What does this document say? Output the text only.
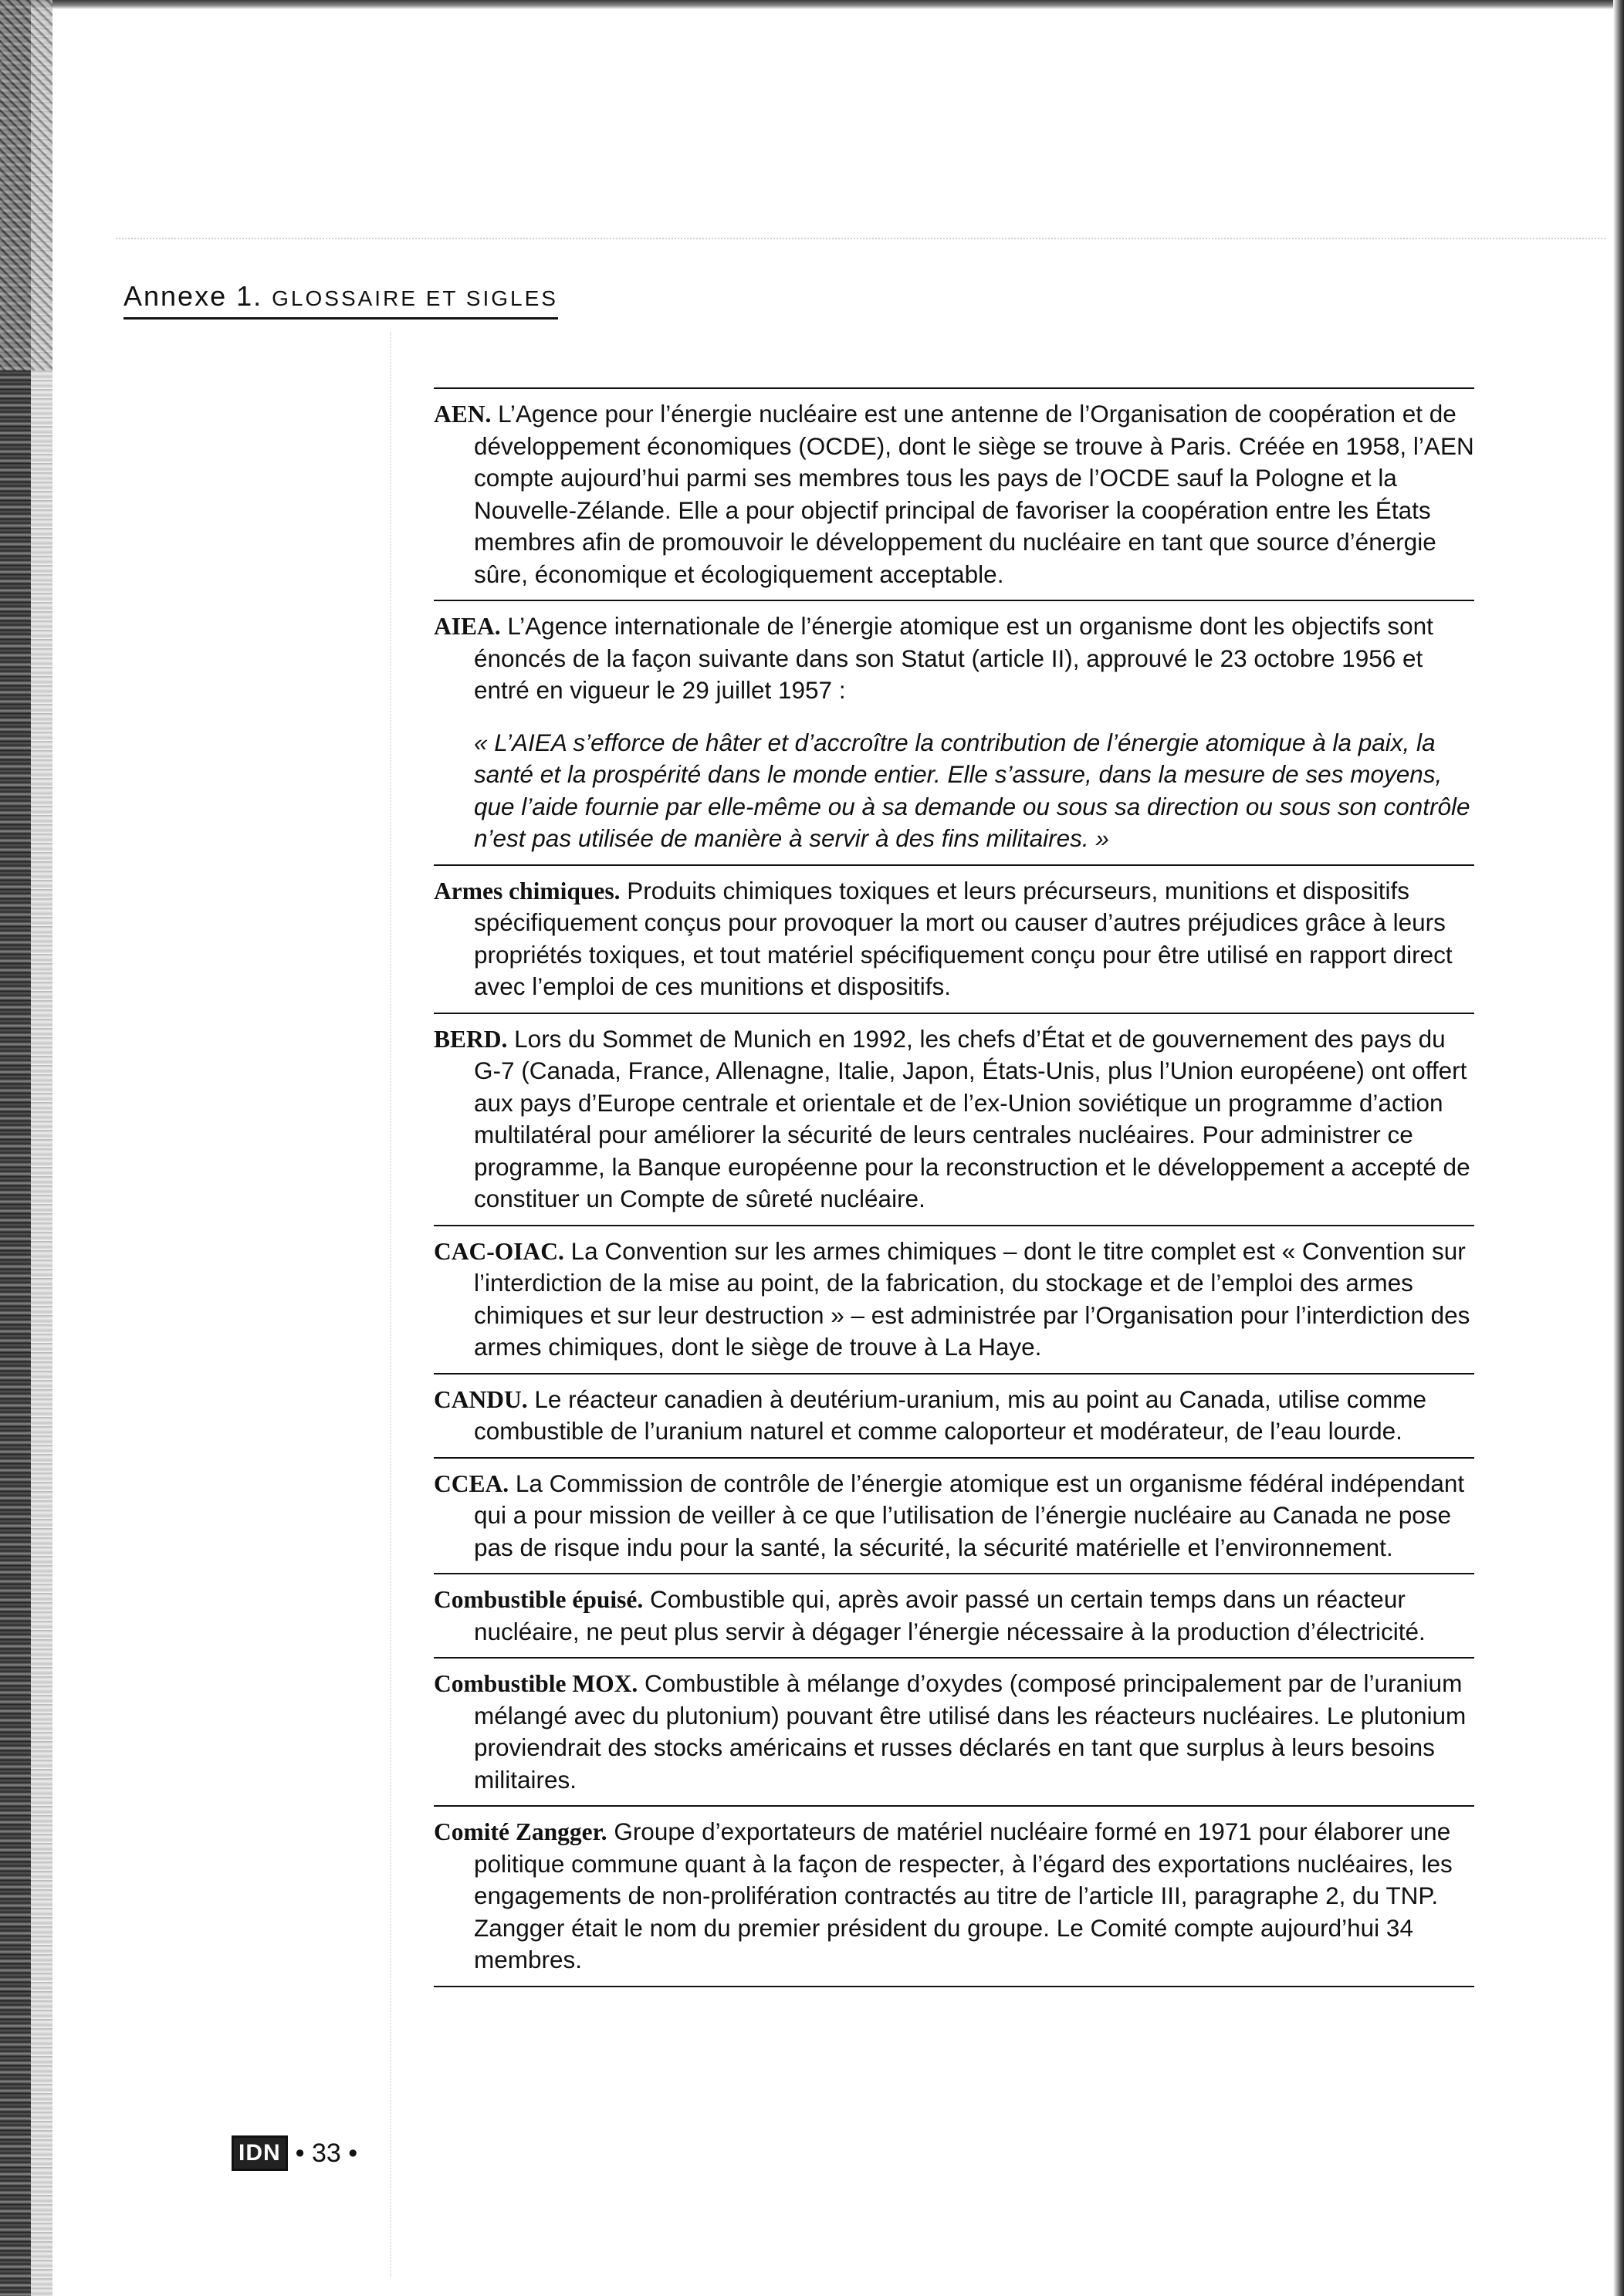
Annexe 1. GLOSSAIRE ET SIGLES

AEN. L’Agence pour l’énergie nucléaire est une antenne de l’Organisation de coopération et de développement économiques (OCDE), dont le siège se trouve à Paris. Créée en 1958, l’AEN compte aujourd’hui parmi ses membres tous les pays de l’OCDE sauf la Pologne et la Nouvelle-Zélande. Elle a pour objectif principal de favoriser la coopération entre les États membres afin de promouvoir le développement du nucléaire en tant que source d’énergie sûre, économique et écologiquement acceptable.

AIEA. L’Agence internationale de l’énergie atomique est un organisme dont les objectifs sont énoncés de la façon suivante dans son Statut (article II), approuvé le 23 octobre 1956 et entré en vigueur le 29 juillet 1957 :

« L’AIEA s’efforce de hâter et d’accroître la contribution de l’énergie atomique à la paix, la santé et la prospérité dans le monde entier. Elle s’assure, dans la mesure de ses moyens, que l’aide fournie par elle-même ou à sa demande ou sous sa direction ou sous son contrôle n’est pas utilisée de manière à servir à des fins militaires. »

Armes chimiques. Produits chimiques toxiques et leurs précurseurs, munitions et dispositifs spécifiquement conçus pour provoquer la mort ou causer d’autres préjudices grâce à leurs propriétés toxiques, et tout matériel spécifiquement conçu pour être utilisé en rapport direct avec l’emploi de ces munitions et dispositifs.

BERD. Lors du Sommet de Munich en 1992, les chefs d’État et de gouvernement des pays du G-7 (Canada, France, Allenagne, Italie, Japon, États-Unis, plus l’Union européene) ont offert aux pays d’Europe centrale et orientale et de l’ex-Union soviétique un programme d’action multilatéral pour améliorer la sécurité de leurs centrales nucléaires. Pour administrer ce programme, la Banque européenne pour la reconstruction et le développement a accepté de constituer un Compte de sûreté nucléaire.

CAC-OIAC. La Convention sur les armes chimiques – dont le titre complet est « Convention sur l’interdiction de la mise au point, de la fabrication, du stockage et de l’emploi des armes chimiques et sur leur destruction » – est administrée par l’Organisation pour l’interdiction des armes chimiques, dont le siège de trouve à La Haye.

CANDU. Le réacteur canadien à deutérium-uranium, mis au point au Canada, utilise comme combustible de l’uranium naturel et comme caloporteur et modérateur, de l’eau lourde.

CCEA. La Commission de contrôle de l’énergie atomique est un organisme fédéral indépendant qui a pour mission de veiller à ce que l’utilisation de l’énergie nucléaire au Canada ne pose pas de risque indu pour la santé, la sécurité, la sécurité matérielle et l’environnement.

Combustible épuisé. Combustible qui, après avoir passé un certain temps dans un réacteur nucléaire, ne peut plus servir à dégager l’énergie nécessaire à la production d’électricité.

Combustible MOX. Combustible à mélange d’oxydes (composé principalement par de l’uranium mélangé avec du plutonium) pouvant être utilisé dans les réacteurs nucléaires. Le plutonium proviendrait des stocks américains et russes déclarés en tant que surplus à leurs besoins militaires.

Comité Zangger. Groupe d’exportateurs de matériel nucléaire formé en 1971 pour élaborer une politique commune quant à la façon de respecter, à l’égard des exportations nucléaires, les engagements de non-prolifération contractés au titre de l’article III, paragraphe 2, du TNP. Zangger était le nom du premier président du groupe. Le Comité compte aujourd’hui 34 membres.

IDN • 33 •
